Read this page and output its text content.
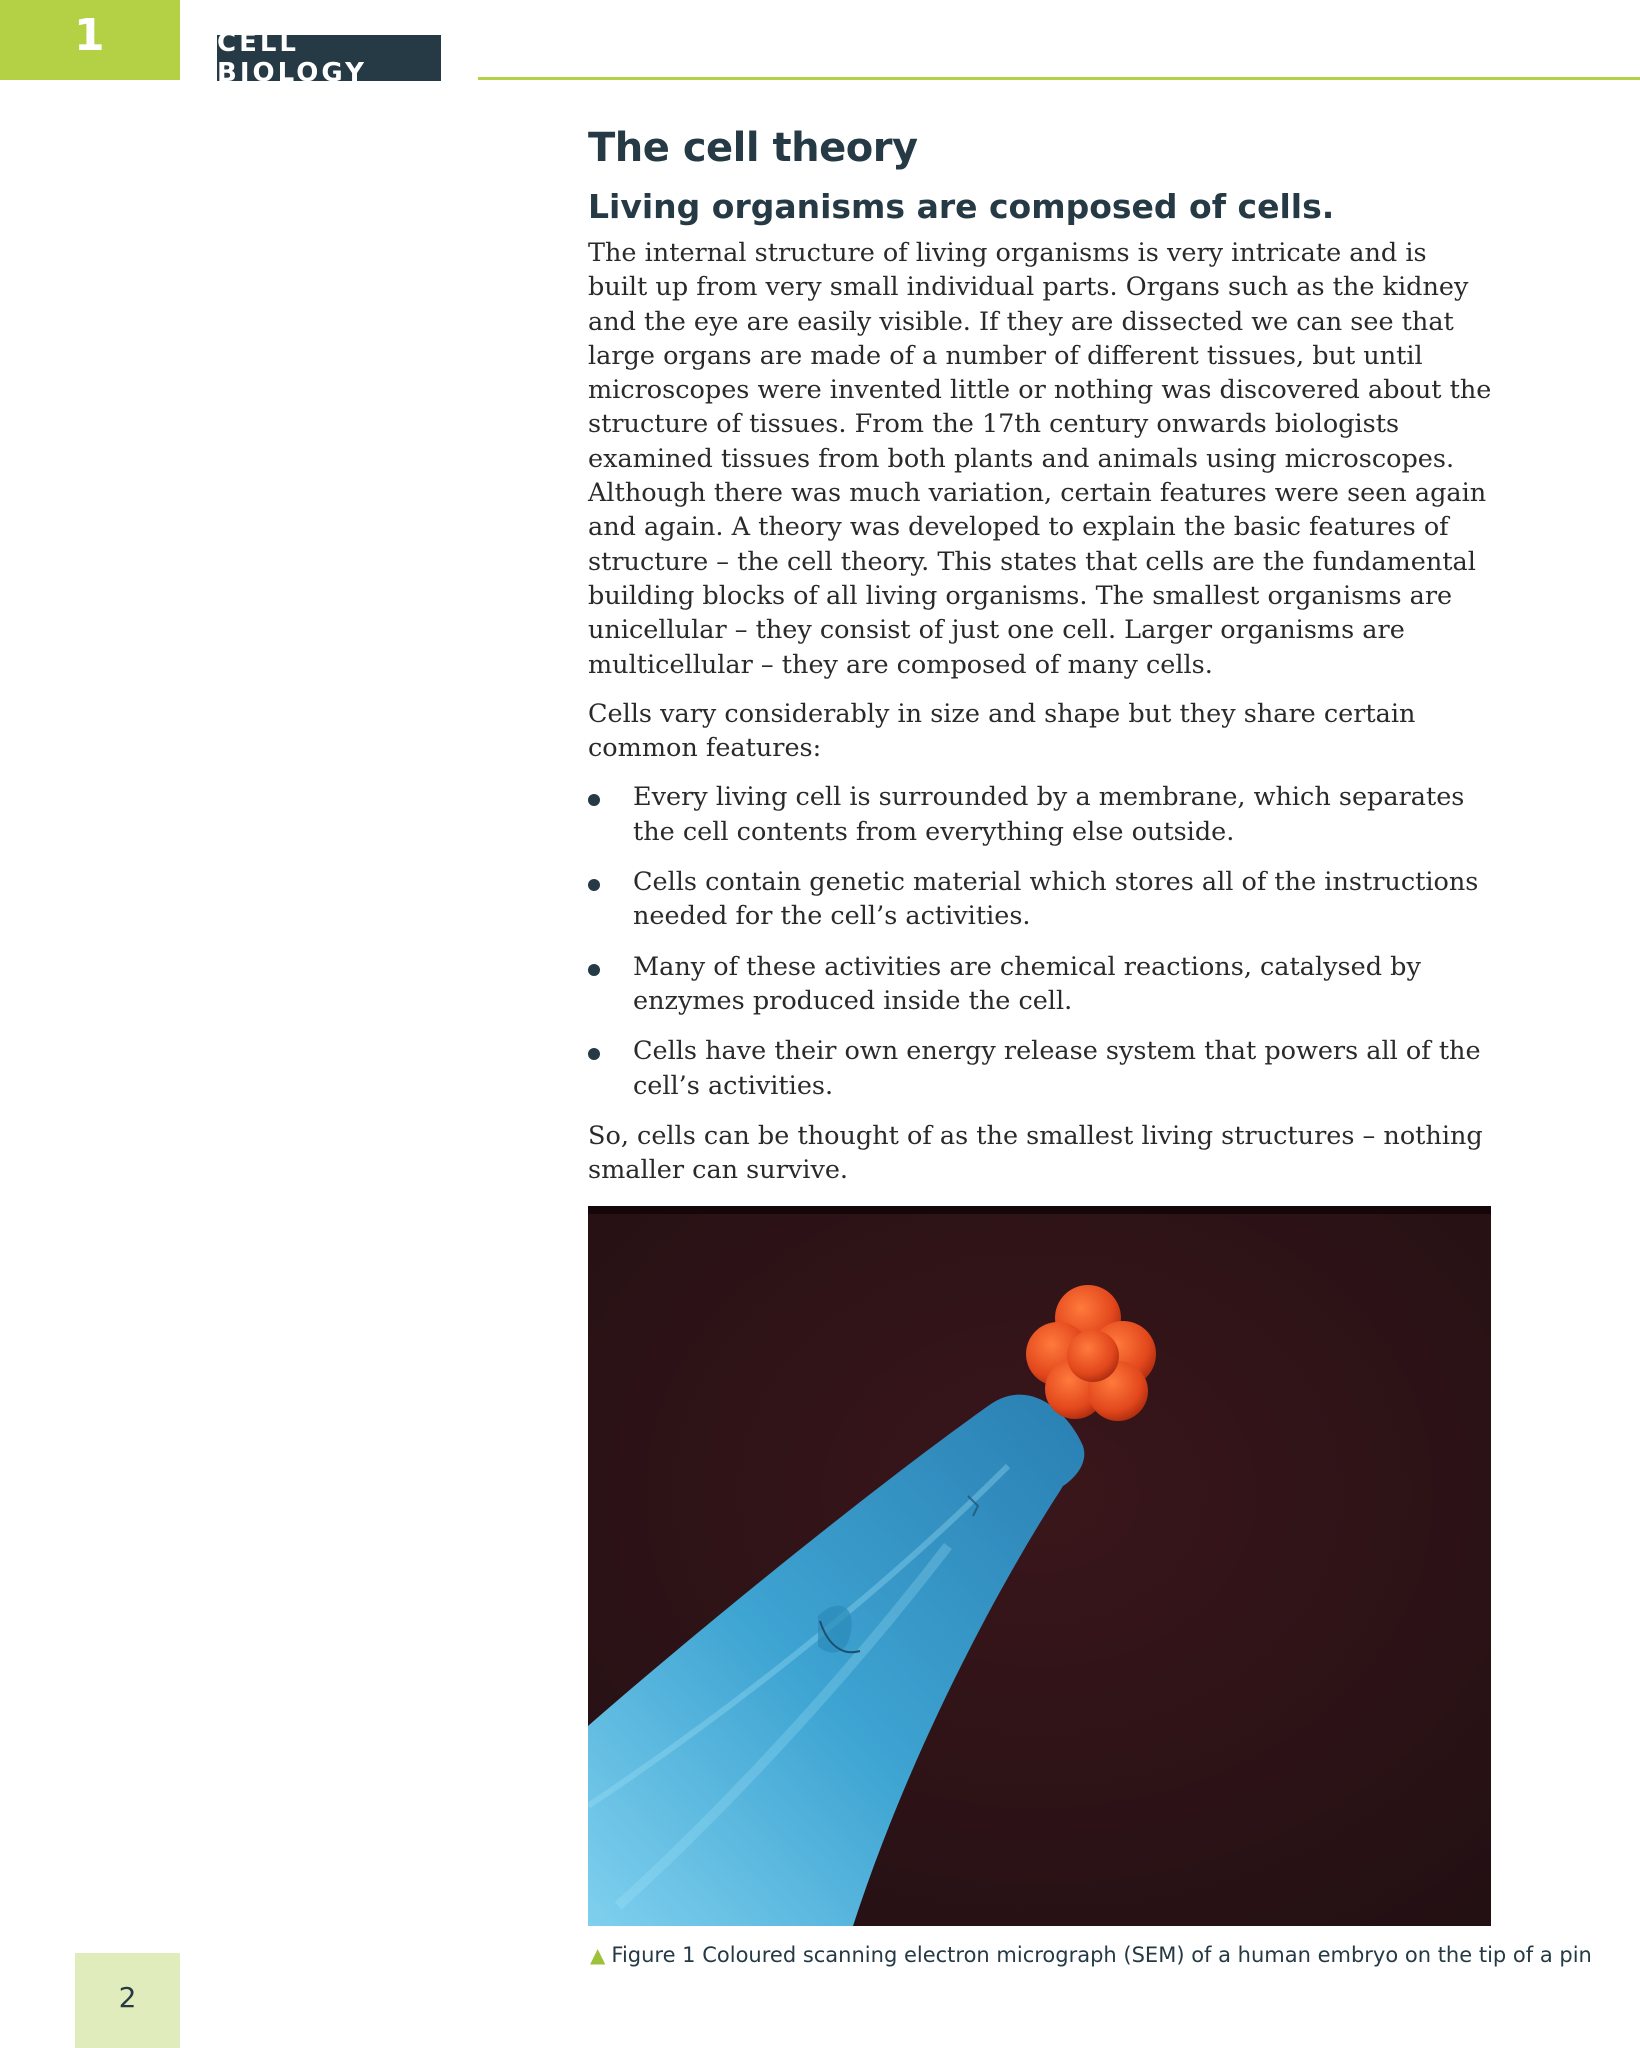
1	CELL BIOLOGY
The cell theory
Living organisms are composed of cells.

The internal structure of living organisms is very intricate and is built up from very small individual parts. Organs such as the kidney and the eye are easily visible. If they are dissected we can see that large organs are made of a number of different tissues, but until microscopes were invented little or nothing was discovered about the structure of tissues. From the 17th century onwards biologists examined tissues from both plants and animals using microscopes. Although there was much variation, certain features were seen again and again. A theory was developed to explain the basic features of structure – the cell theory. This states that cells are the fundamental building blocks of all living organisms. The smallest organisms are unicellular – they consist of just one cell. Larger organisms are multicellular – they are composed of many cells.

Cells vary considerably in size and shape but they share certain common features:

Every living cell is surrounded by a membrane, which separates the cell contents from everything else outside.
Cells contain genetic material which stores all of the instructions needed for the cell’s activities.
Many of these activities are chemical reactions, catalysed by enzymes produced inside the cell.
Cells have their own energy release system that powers all of the cell’s activities.

So, cells can be thought of as the smallest living structures – nothing smaller can survive.

▲ Figure 1 Coloured scanning electron micrograph (SEM) of a human embryo on the tip of a pin
2
